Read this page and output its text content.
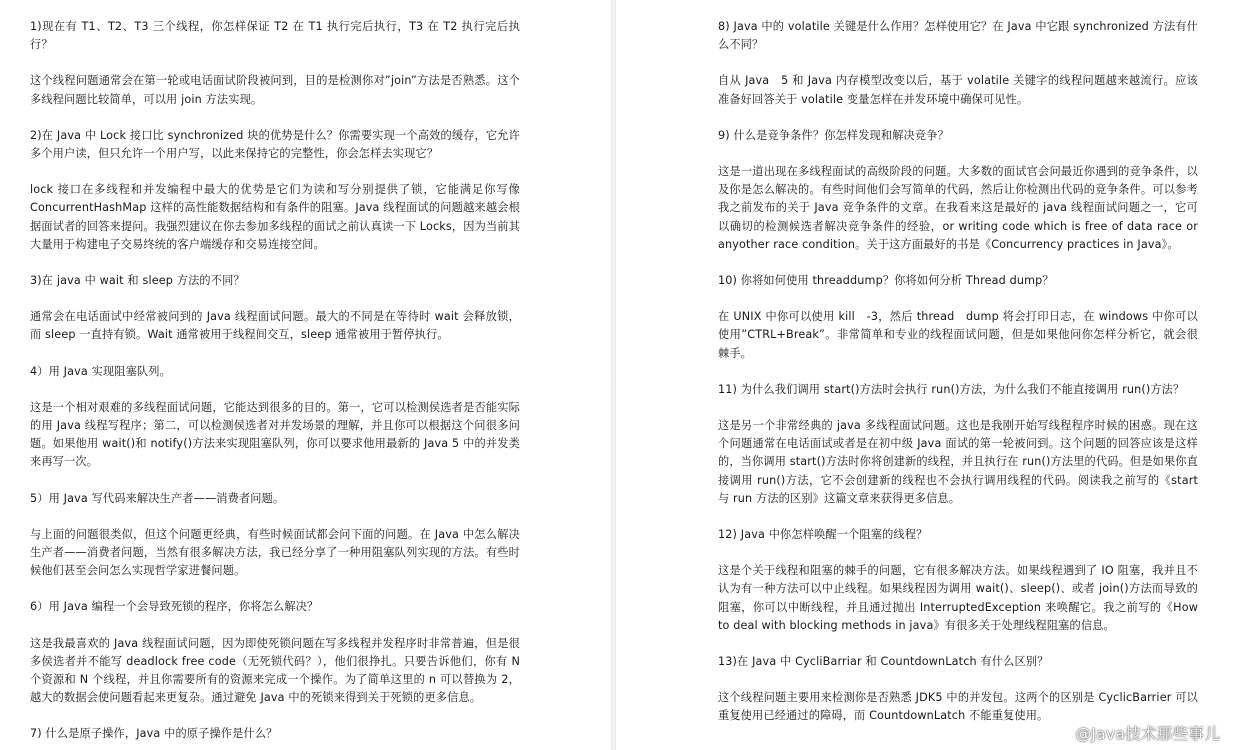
1)现在有 T1、T2、T3 三个线程，你怎样保证 T2 在 T1 执行完后执行，T3 在 T2 执行完后执行？

这个线程问题通常会在第一轮或电话面试阶段被问到，目的是检测你对”join”方法是否熟悉。这个多线程问题比较简单，可以用 join 方法实现。

2)在 Java 中 Lock 接口比 synchronized 块的优势是什么？你需要实现一个高效的缓存，它允许多个用户读，但只允许一个用户写，以此来保持它的完整性，你会怎样去实现它？

lock 接口在多线程和并发编程中最大的优势是它们为读和写分别提供了锁，它能满足你写像 ConcurrentHashMap 这样的高性能数据结构和有条件的阻塞。Java 线程面试的问题越来越会根据面试者的回答来提问。我强烈建议在你去参加多线程的面试之前认真读一下 Locks，因为当前其大量用于构建电子交易终统的客户端缓存和交易连接空间。

3)在 java 中 wait 和 sleep 方法的不同？

通常会在电话面试中经常被问到的 Java 线程面试问题。最大的不同是在等待时 wait 会释放锁，而 sleep 一直持有锁。Wait 通常被用于线程间交互，sleep 通常被用于暂停执行。

4）用 Java 实现阻塞队列。

这是一个相对艰难的多线程面试问题，它能达到很多的目的。第一，它可以检测侯选者是否能实际的用 Java 线程写程序；第二，可以检测侯选者对并发场景的理解，并且你可以根据这个问很多问题。如果他用 wait()和 notify()方法来实现阻塞队列，你可以要求他用最新的 Java 5 中的并发类来再写一次。

5）用 Java 写代码来解决生产者——消费者问题。

与上面的问题很类似，但这个问题更经典，有些时候面试都会问下面的问题。在 Java 中怎么解决生产者——消费者问题，当然有很多解决方法，我已经分享了一种用阻塞队列实现的方法。有些时候他们甚至会问怎么实现哲学家进餐问题。

6）用 Java 编程一个会导致死锁的程序，你将怎么解决？

这是我最喜欢的 Java 线程面试问题，因为即使死锁问题在写多线程并发程序时非常普遍，但是很多侯选者并不能写 deadlock free code（无死锁代码？），他们很挣扎。只要告诉他们，你有 N 个资源和 N 个线程，并且你需要所有的资源来完成一个操作。为了简单这里的 n 可以替换为 2，越大的数据会使问题看起来更复杂。通过避免 Java 中的死锁来得到关于死锁的更多信息。

7) 什么是原子操作，Java 中的原子操作是什么？

8) Java 中的 volatile 关键是什么作用？怎样使用它？在 Java 中它跟 synchronized 方法有什么不同？

自从 Java　5 和 Java 内存模型改变以后，基于 volatile 关键字的线程问题越来越流行。应该准备好回答关于 volatile 变量怎样在并发环境中确保可见性。

9) 什么是竞争条件？你怎样发现和解决竞争？

这是一道出现在多线程面试的高级阶段的问题。大多数的面试官会问最近你遇到的竞争条件，以及你是怎么解决的。有些时间他们会写简单的代码，然后让你检测出代码的竞争条件。可以参考我之前发布的关于 Java 竞争条件的文章。在我看来这是最好的 java 线程面试问题之一，它可以确切的检测候选者解决竞争条件的经验，or writing code which is free of data race or anyother race condition。关于这方面最好的书是《Concurrency practices in Java》。

10) 你将如何使用 threaddump？你将如何分析 Thread dump？

在 UNIX 中你可以使用 kill　-3，然后 thread　dump 将会打印日志，在 windows 中你可以使用”CTRL+Break”。非常简单和专业的线程面试问题，但是如果他问你怎样分析它，就会很棘手。

11) 为什么我们调用 start()方法时会执行 run()方法，为什么我们不能直接调用 run()方法？

这是另一个非常经典的 java 多线程面试问题。这也是我刚开始写线程程序时候的困惑。现在这个问题通常在电话面试或者是在初中级 Java 面试的第一轮被问到。这个问题的回答应该是这样的，当你调用 start()方法时你将创建新的线程，并且执行在 run()方法里的代码。但是如果你直接调用 run()方法，它不会创建新的线程也不会执行调用线程的代码。阅读我之前写的《start 与 run 方法的区别》这篇文章来获得更多信息。

12) Java 中你怎样唤醒一个阻塞的线程？

这是个关于线程和阻塞的棘手的问题，它有很多解决方法。如果线程遇到了 IO 阻塞，我并且不认为有一种方法可以中止线程。如果线程因为调用 wait()、sleep()、或者 join()方法而导致的阻塞，你可以中断线程，并且通过抛出 InterruptedException 来唤醒它。我之前写的《How to deal with blocking methods in java》有很多关于处理线程阻塞的信息。

13)在 Java 中 CycliBarriar 和 CountdownLatch 有什么区别？

这个线程问题主要用来检测你是否熟悉 JDK5 中的并发包。这两个的区别是 CyclicBarrier 可以重复使用已经通过的障碍，而 CountdownLatch 不能重复使用。

@Java技术那些事儿
